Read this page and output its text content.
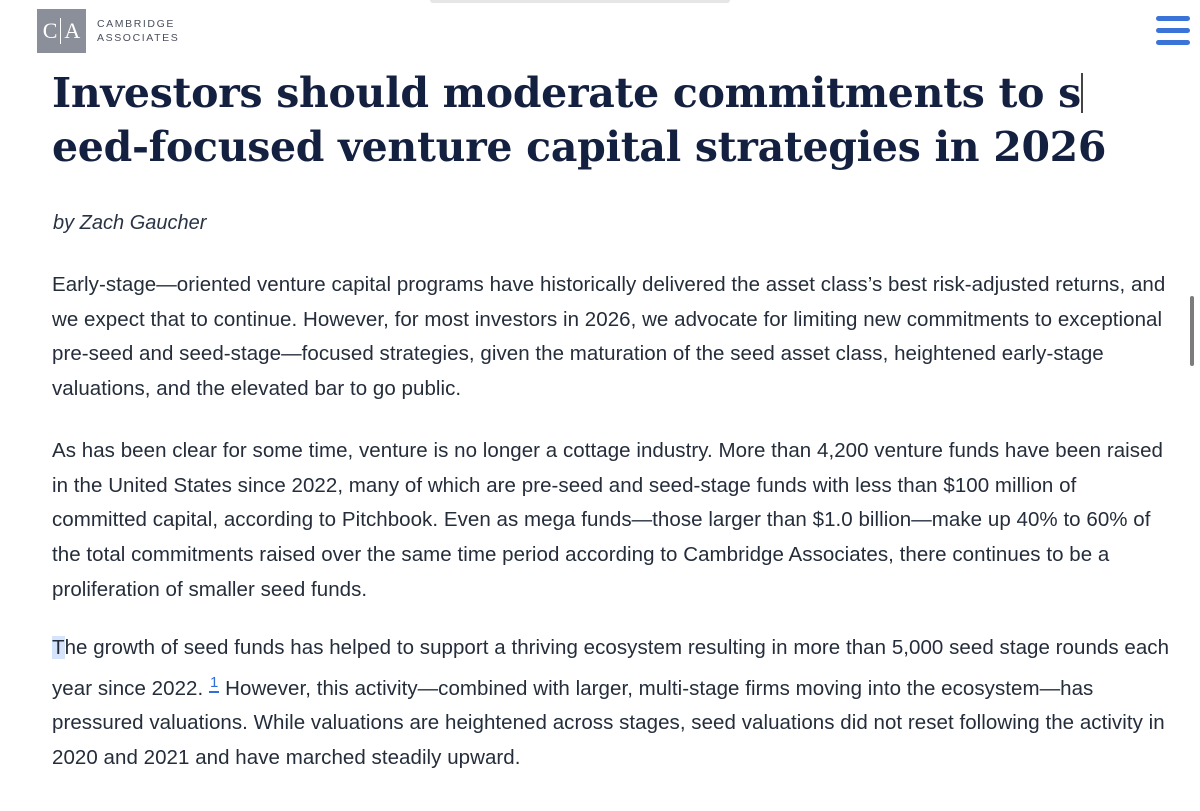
C A CAMBRIDGE
ASSOCIATES
Investors should moderate commitments to seed-focused venture capital strategies in 2026

by Zach Gaucher

Early-stage—oriented venture capital programs have historically delivered the asset class’s best risk-adjusted returns, and we expect that to continue. However, for most investors in 2026, we advocate for limiting new commitments to exceptional pre-seed and seed-stage—focused strategies, given the maturation of the seed asset class, heightened early-stage valuations, and the elevated bar to go public.

As has been clear for some time, venture is no longer a cottage industry. More than 4,200 venture funds have been raised in the United States since 2022, many of which are pre-seed and seed-stage funds with less than $100 million of committed capital, according to Pitchbook. Even as mega funds—those larger than $1.0 billion—make up 40% to 60% of the total commitments raised over the same time period according to Cambridge Associates, there continues to be a proliferation of smaller seed funds.

The growth of seed funds has helped to support a thriving ecosystem resulting in more than 5,000 seed stage rounds each year since 2022. $^1$ However, this activity—combined with larger, multi-stage firms moving into the ecosystem—has pressured valuations. While valuations are heightened across stages, seed valuations did not reset following the activity in 2020 and 2021 and have marched steadily upward.
